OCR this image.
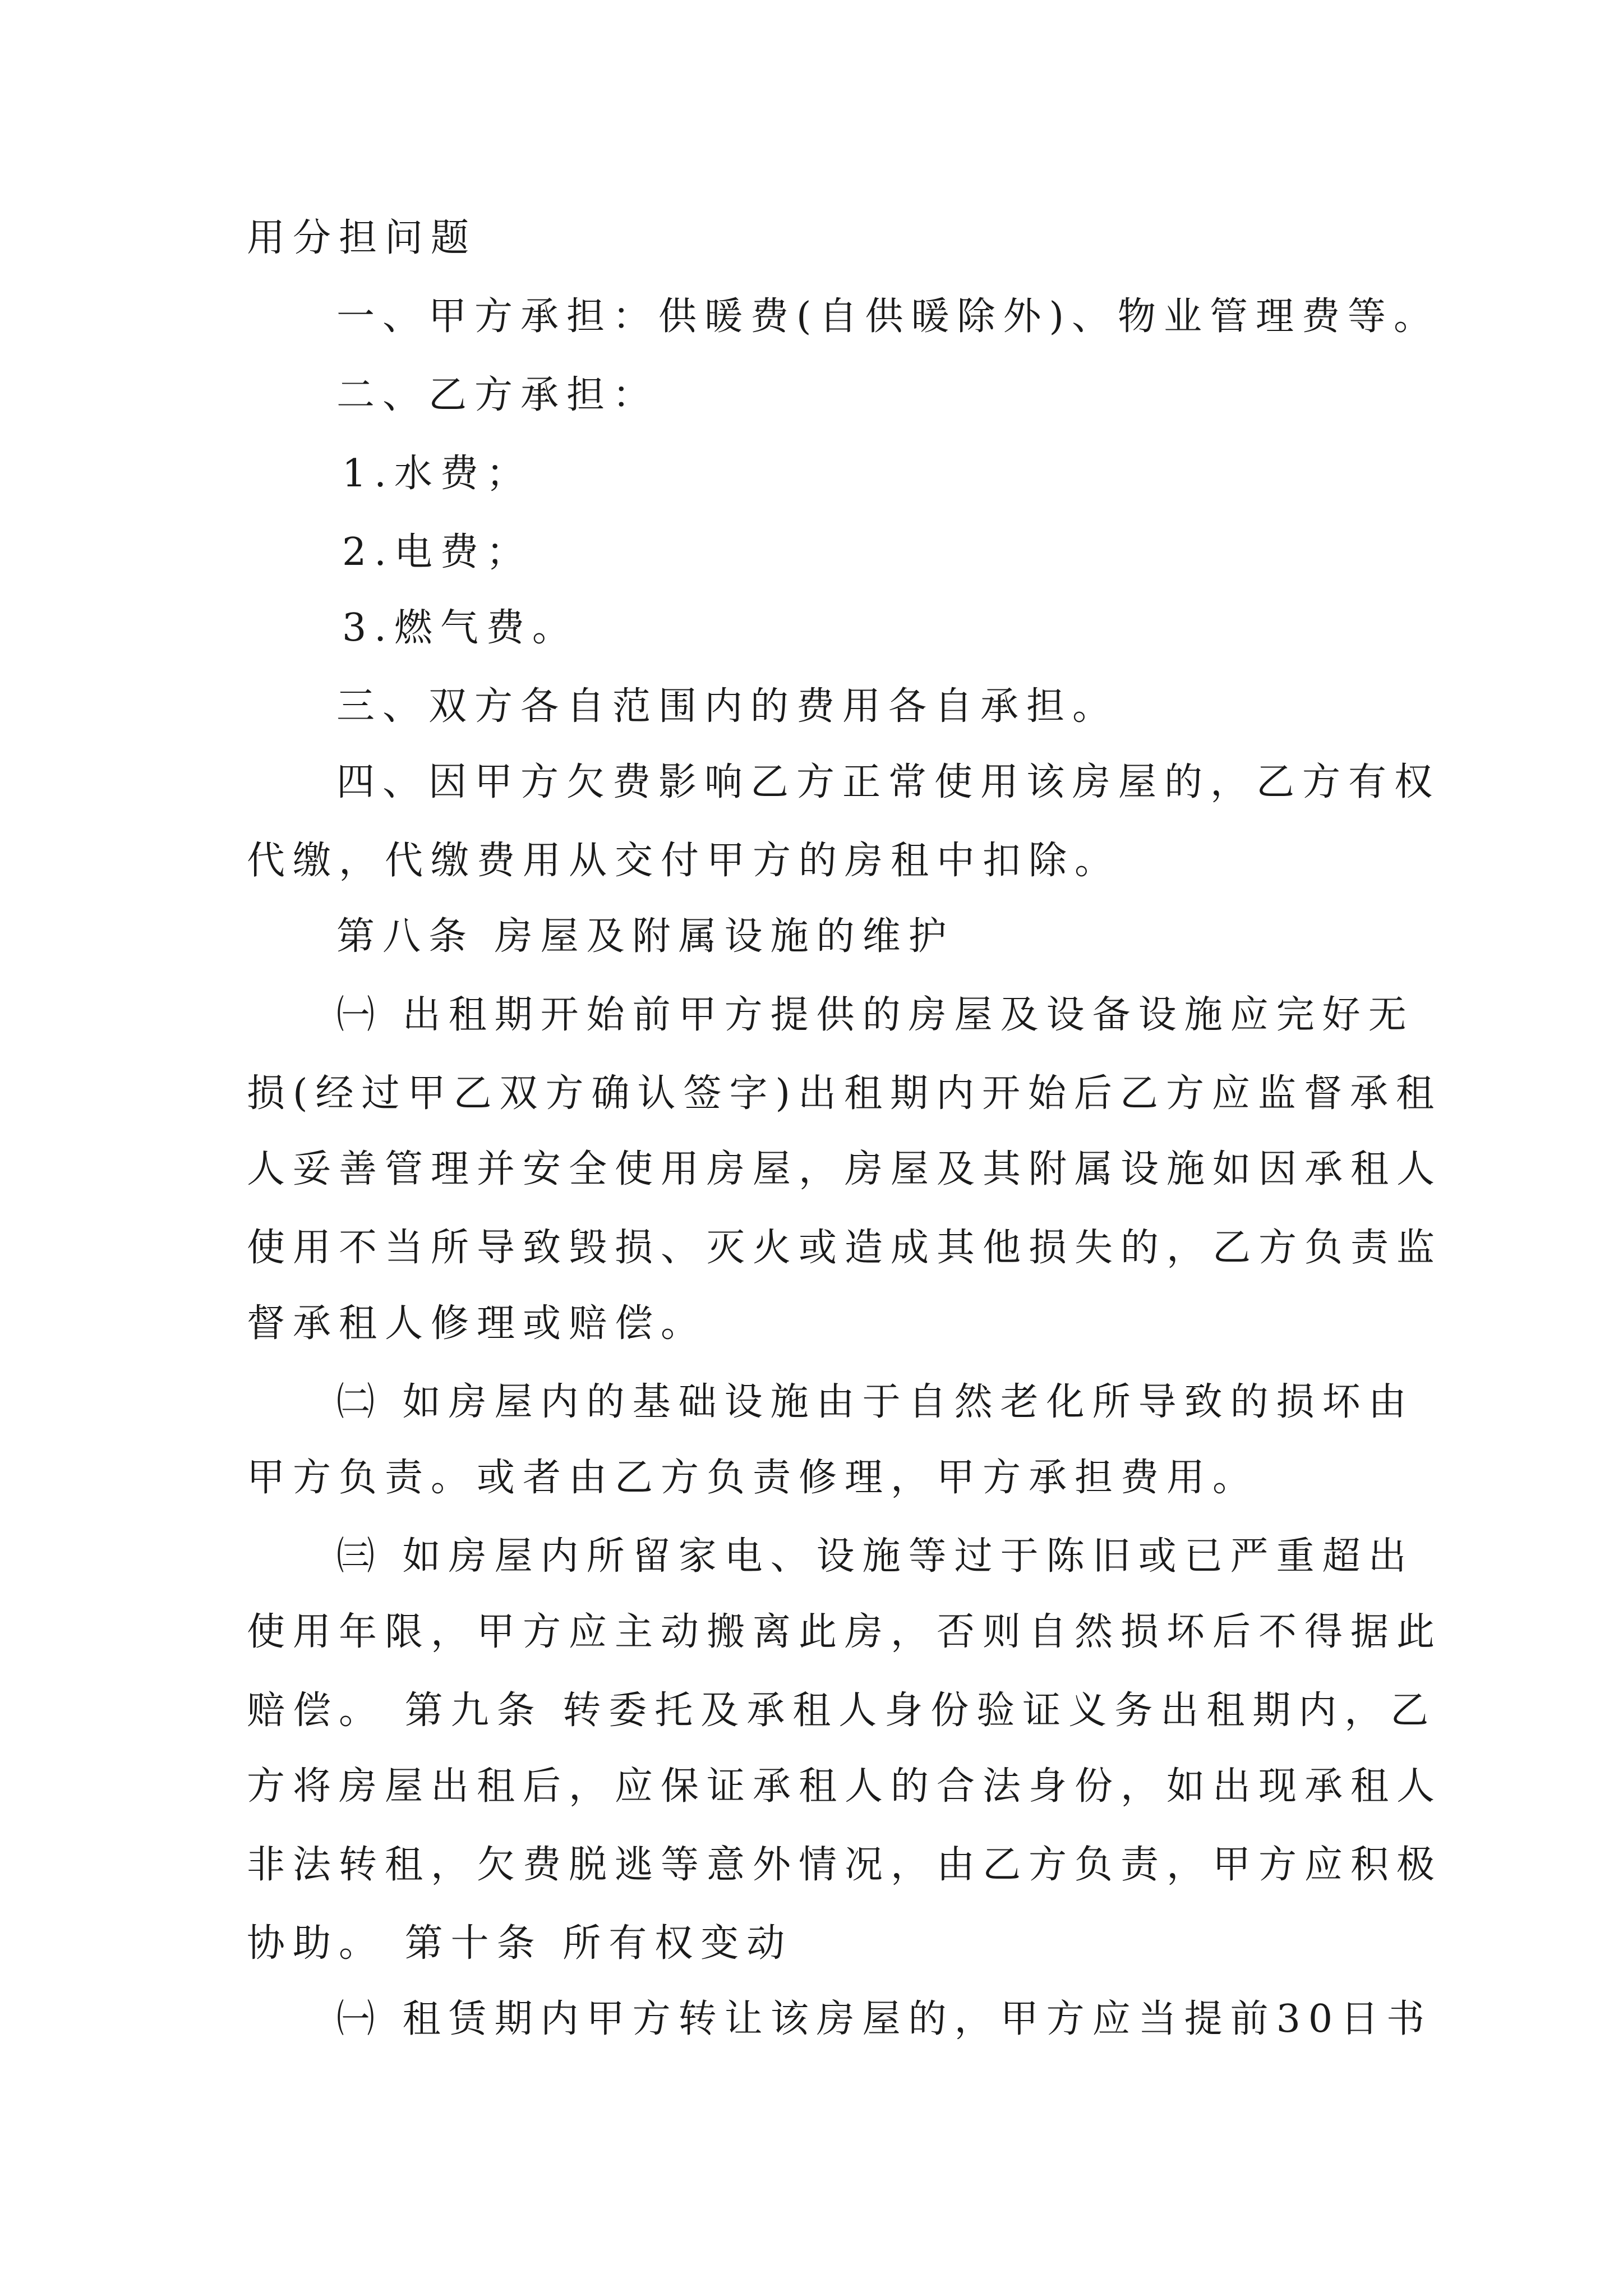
用分担问题
一、甲方承担：供暖费(自供暖除外)、物业管理费等。
二、乙方承担：
1.水费；
2.电费；
3.燃气费。
三、双方各自范围内的费用各自承担。
四、因甲方欠费影响乙方正常使用该房屋的，乙方有权
代缴，代缴费用从交付甲方的房租中扣除。
第八条 房屋及附属设施的维护
㈠ 出租期开始前甲方提供的房屋及设备设施应完好无
损(经过甲乙双方确认签字)出租期内开始后乙方应监督承租
人妥善管理并安全使用房屋，房屋及其附属设施如因承租人
使用不当所导致毁损、灭火或造成其他损失的，乙方负责监
督承租人修理或赔偿。
㈡ 如房屋内的基础设施由于自然老化所导致的损坏由
甲方负责。或者由乙方负责修理，甲方承担费用。
㈢ 如房屋内所留家电、设施等过于陈旧或已严重超出
使用年限，甲方应主动搬离此房，否则自然损坏后不得据此
赔偿。 第九条 转委托及承租人身份验证义务出租期内，乙
方将房屋出租后，应保证承租人的合法身份，如出现承租人
非法转租，欠费脱逃等意外情况，由乙方负责，甲方应积极
协助。 第十条 所有权变动
㈠ 租赁期内甲方转让该房屋的，甲方应当提前30日书
